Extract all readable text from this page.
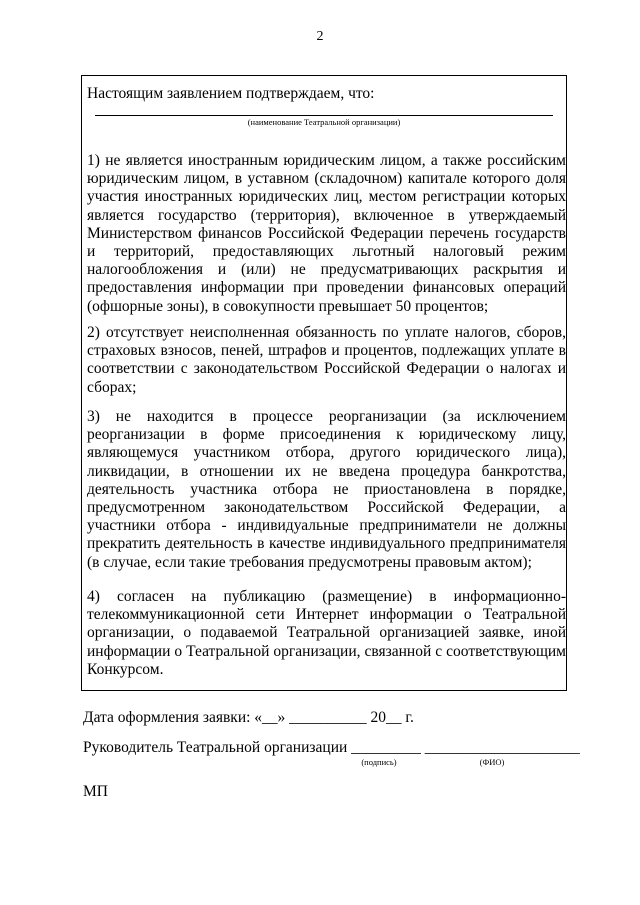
2
Настоящим заявлением подтверждаем, что:
(наименование Театральной организации)

1) не является иностранным юридическим лицом, а также российским юридическим лицом, в уставном (складочном) капитале которого доля участия иностранных юридических лиц, местом регистрации которых является государство (территория), включенное в утверждаемый Министерством финансов Российской Федерации перечень государств и территорий, предоставляющих льготный налоговый режим налогообложения и (или) не предусматривающих раскрытия и предоставления информации при проведении финансовых операций (офшорные зоны), в совокупности превышает 50 процентов;

2) отсутствует неисполненная обязанность по уплате налогов, сборов, страховых взносов, пеней, штрафов и процентов, подлежащих уплате в соответствии с законодательством Российской Федерации о налогах и сборах;

3) не находится в процессе реорганизации (за исключением реорганизации в форме присоединения к юридическому лицу, являющемуся участником отбора, другого юридического лица), ликвидации, в отношении их не введена процедура банкротства, деятельность участника отбора не приостановлена в порядке, предусмотренном законодательством Российской Федерации, а участники отбора - индивидуальные предприниматели не должны прекратить деятельность в качестве индивидуального предпринимателя (в случае, если такие требования предусмотрены правовым актом);

4) согласен на публикацию (размещение) в информационно-телекоммуникационной сети Интернет информации о Театральной организации, о подаваемой Театральной организацией заявке, иной информации о Театральной организации, связанной с соответствующим Конкурсом.

Дата оформления заявки: «__» __________ 20__ г.
Руководитель Театральной организации _________ ____________________
(подпись)	(ФИО)
МП
